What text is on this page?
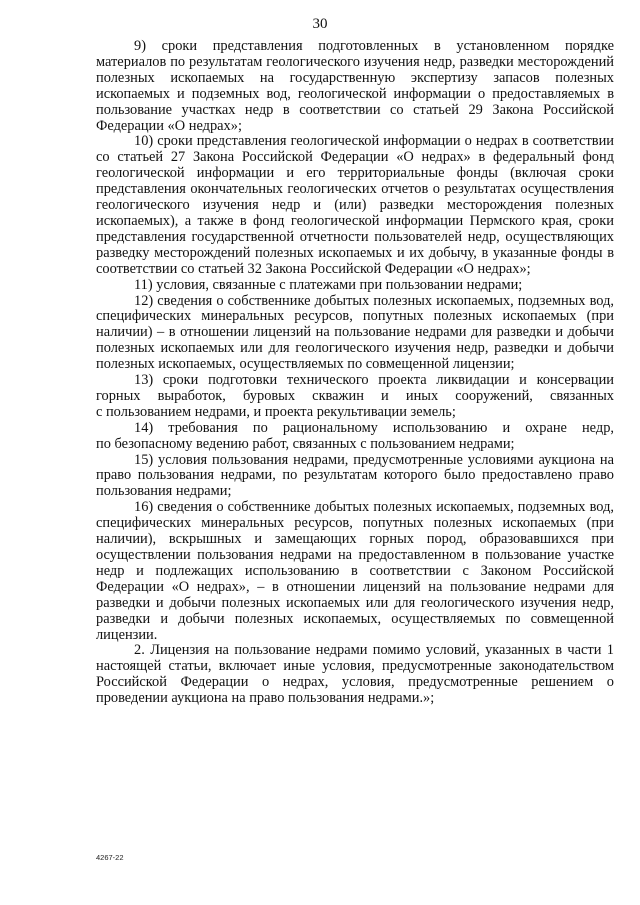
30

9) сроки представления подготовленных в установленном порядке материалов по результатам геологического изучения недр, разведки месторождений полезных ископаемых на государственную экспертизу запасов полезных ископаемых и подземных вод, геологической информации о предоставляемых в пользование участках недр в соответствии со статьей 29 Закона Российской Федерации «О недрах»;

10) сроки представления геологической информации о недрах в соответствии со статьей 27 Закона Российской Федерации «О недрах» в федеральный фонд геологической информации и его территориальные фонды (включая сроки представления окончательных геологических отчетов о результатах осуществления геологического изучения недр и (или) разведки месторождения полезных ископаемых), а также в фонд геологической информации Пермского края, сроки представления государственной отчетности пользователей недр, осуществляющих разведку месторождений полезных ископаемых и их добычу, в указанные фонды в соответствии со статьей 32 Закона Российской Федерации «О недрах»;

11) условия, связанные с платежами при пользовании недрами;

12) сведения о собственнике добытых полезных ископаемых, подземных вод, специфических минеральных ресурсов, попутных полезных ископаемых (при наличии) – в отношении лицензий на пользование недрами для разведки и добычи полезных ископаемых или для геологического изучения недр, разведки и добычи полезных ископаемых, осуществляемых по совмещенной лицензии;

13) сроки подготовки технического проекта ликвидации и консервации горных выработок, буровых скважин и иных сооружений, связанных с пользованием недрами, и проекта рекультивации земель;

14) требования по рациональному использованию и охране недр, по безопасному ведению работ, связанных с пользованием недрами;

15) условия пользования недрами, предусмотренные условиями аукциона на право пользования недрами, по результатам которого было предоставлено право пользования недрами;

16) сведения о собственнике добытых полезных ископаемых, подземных вод, специфических минеральных ресурсов, попутных полезных ископаемых (при наличии), вскрышных и замещающих горных пород, образовавшихся при осуществлении пользования недрами на предоставленном в пользование участке недр и подлежащих использованию в соответствии с Законом Российской Федерации «О недрах», – в отношении лицензий на пользование недрами для разведки и добычи полезных ископаемых или для геологического изучения недр, разведки и добычи полезных ископаемых, осуществляемых по совмещенной лицензии.

2. Лицензия на пользование недрами помимо условий, указанных в части 1 настоящей статьи, включает иные условия, предусмотренные законодательством Российской Федерации о недрах, условия, предусмотренные решением о проведении аукциона на право пользования недрами.»;

4267-22
